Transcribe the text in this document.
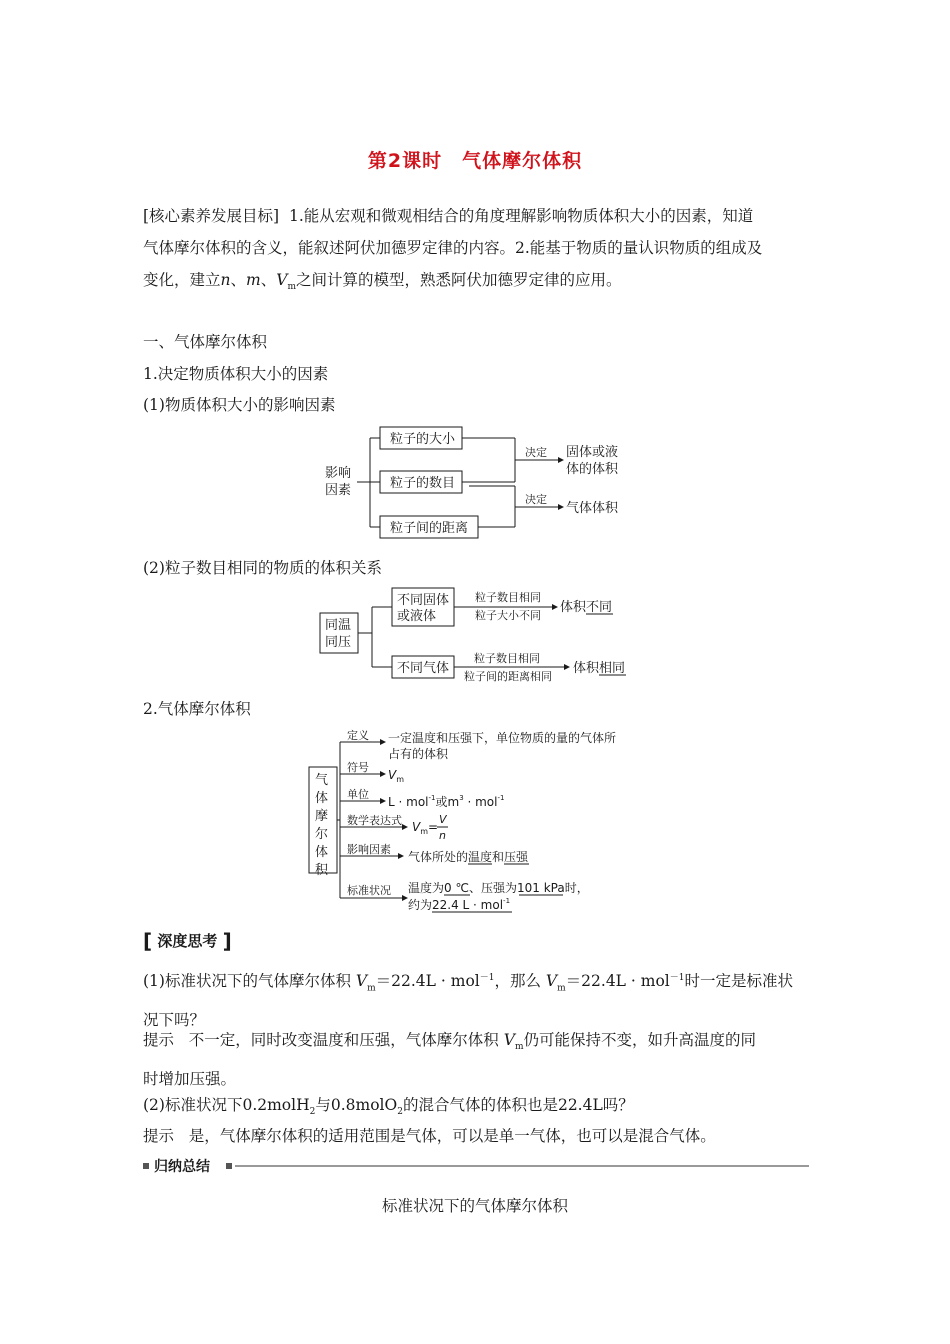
第2课时　气体摩尔体积
[核心素养发展目标] 1.能从宏观和微观相结合的角度理解影响物质体积大小的因素，知道
气体摩尔体积的含义，能叙述阿伏加德罗定律的内容。2.能基于物质的量认识物质的组成及
变化，建立n、m、$V_m$之间计算的模型，熟悉阿伏加德罗定律的应用。
一、气体摩尔体积
1.决定物质体积大小的因素
(1)物质体积大小的影响因素
影响
因素
粒子的大小
粒子的数目
粒子间的距离
决定 固体或液
体的体积
决定
气体体积
(2)粒子数目相同的物质的体积关系
同温
同压
不同固体
或液体
粒子数目相同
粒子大小不同
体积不同
不同气体
粒子数目相同
粒子间的距离相同
体积相同
2.气体摩尔体积
气
体
摩
尔
体
积
定义 一定温度和压强下，单位物质的量的气体所
占有的体积
符号
$V_m$
单位
L · mol$^{-1}$或$m^3 \cdot mol^{-1}$
数学表达式 $V_m=$
V
n
影响因素
气体所处的温度和压强
标准状况 温度为0 ℃、压强为101 kPa时，
约为22.4 L · mol$^{-1}$
[ 深度思考 ]
(1)标准状况下的气体摩尔体积 $V_m=22.4L \cdot mol^{-1}$，那么 $V_m=22.4L \cdot mol^{-1}$时一定是标准状
况下吗？
提示 不一定，同时改变温度和压强，气体摩尔体积 $V_m$仍可能保持不变，如升高温度的同
时增加压强。
(2)标准状况下0.2molH$_2$与0.8molO$_2$的混合气体的体积也是22.4L吗？
提示 是，气体摩尔体积的适用范围是气体，可以是单一气体，也可以是混合气体。
归纳总结
标准状况下的气体摩尔体积
